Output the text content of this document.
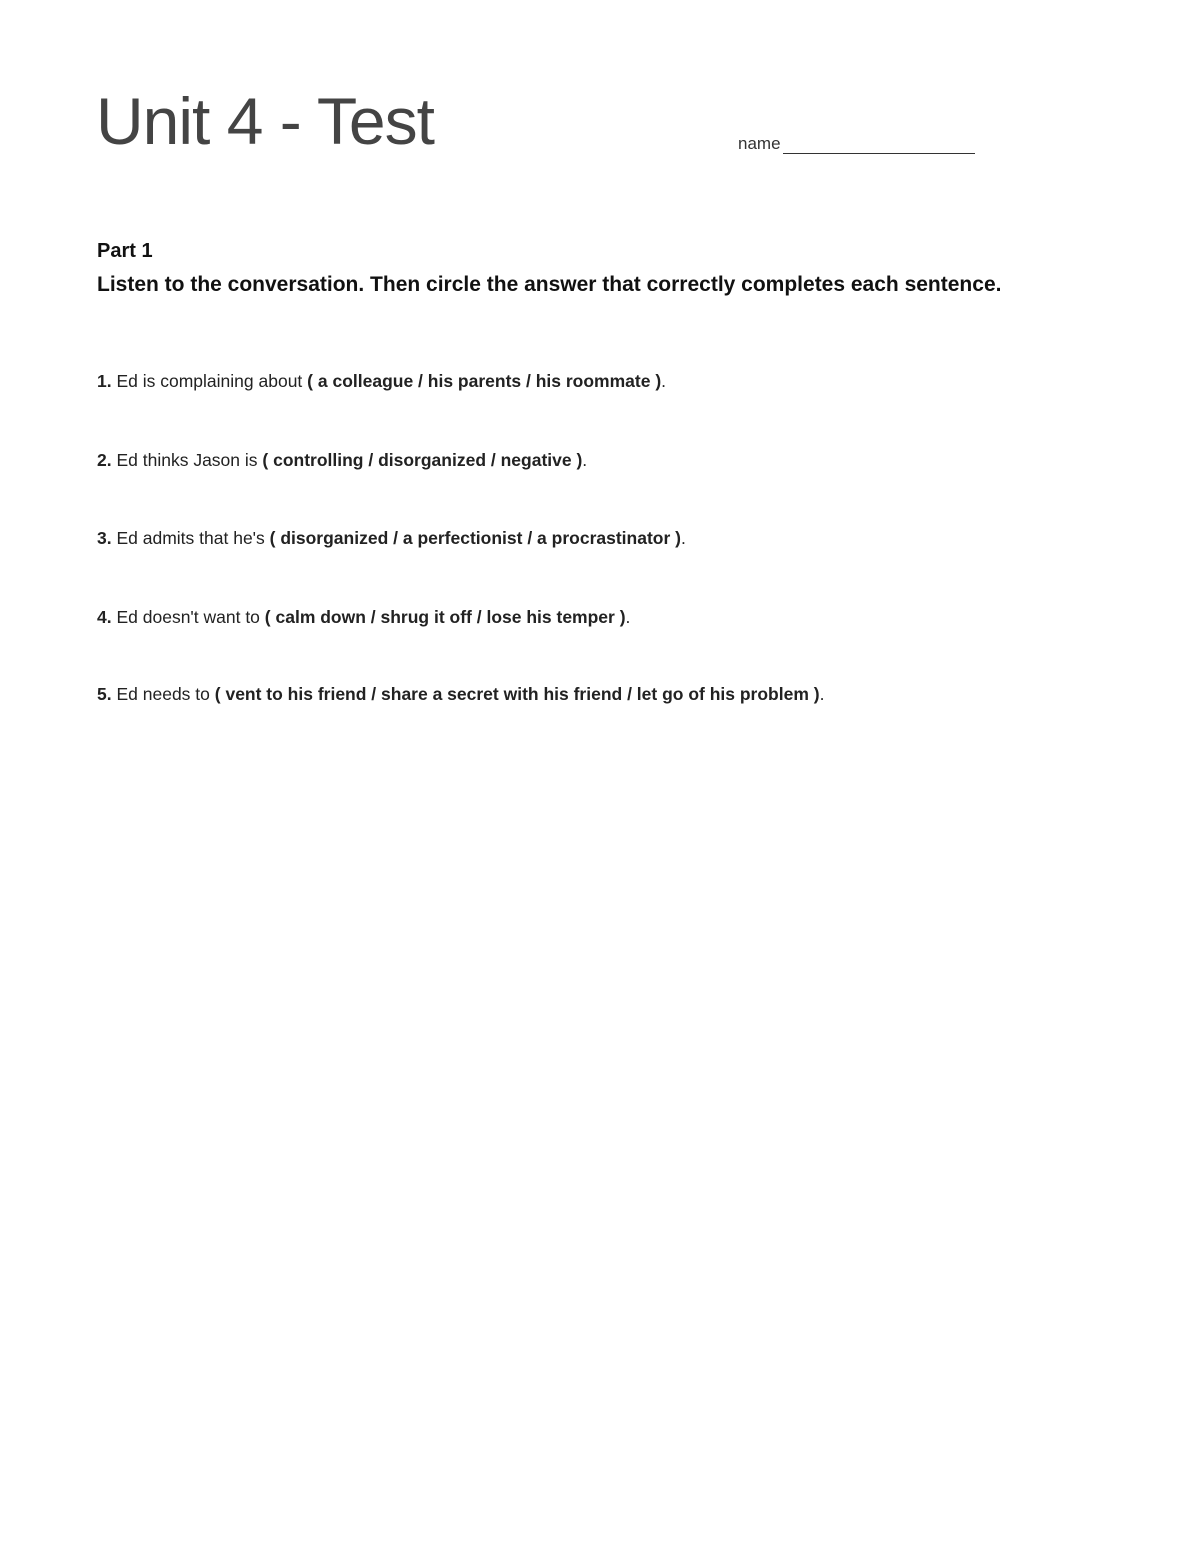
Unit 4 - Test	name
Part 1
Listen to the conversation. Then circle the answer that correctly completes each sentence.
1. Ed is complaining about ( a colleague / his parents / his roommate ).
2. Ed thinks Jason is ( controlling / disorganized / negative ).
3. Ed admits that he's ( disorganized / a perfectionist / a procrastinator ).
4. Ed doesn't want to ( calm down / shrug it off / lose his temper ).
5. Ed needs to ( vent to his friend / share a secret with his friend / let go of his problem ).
